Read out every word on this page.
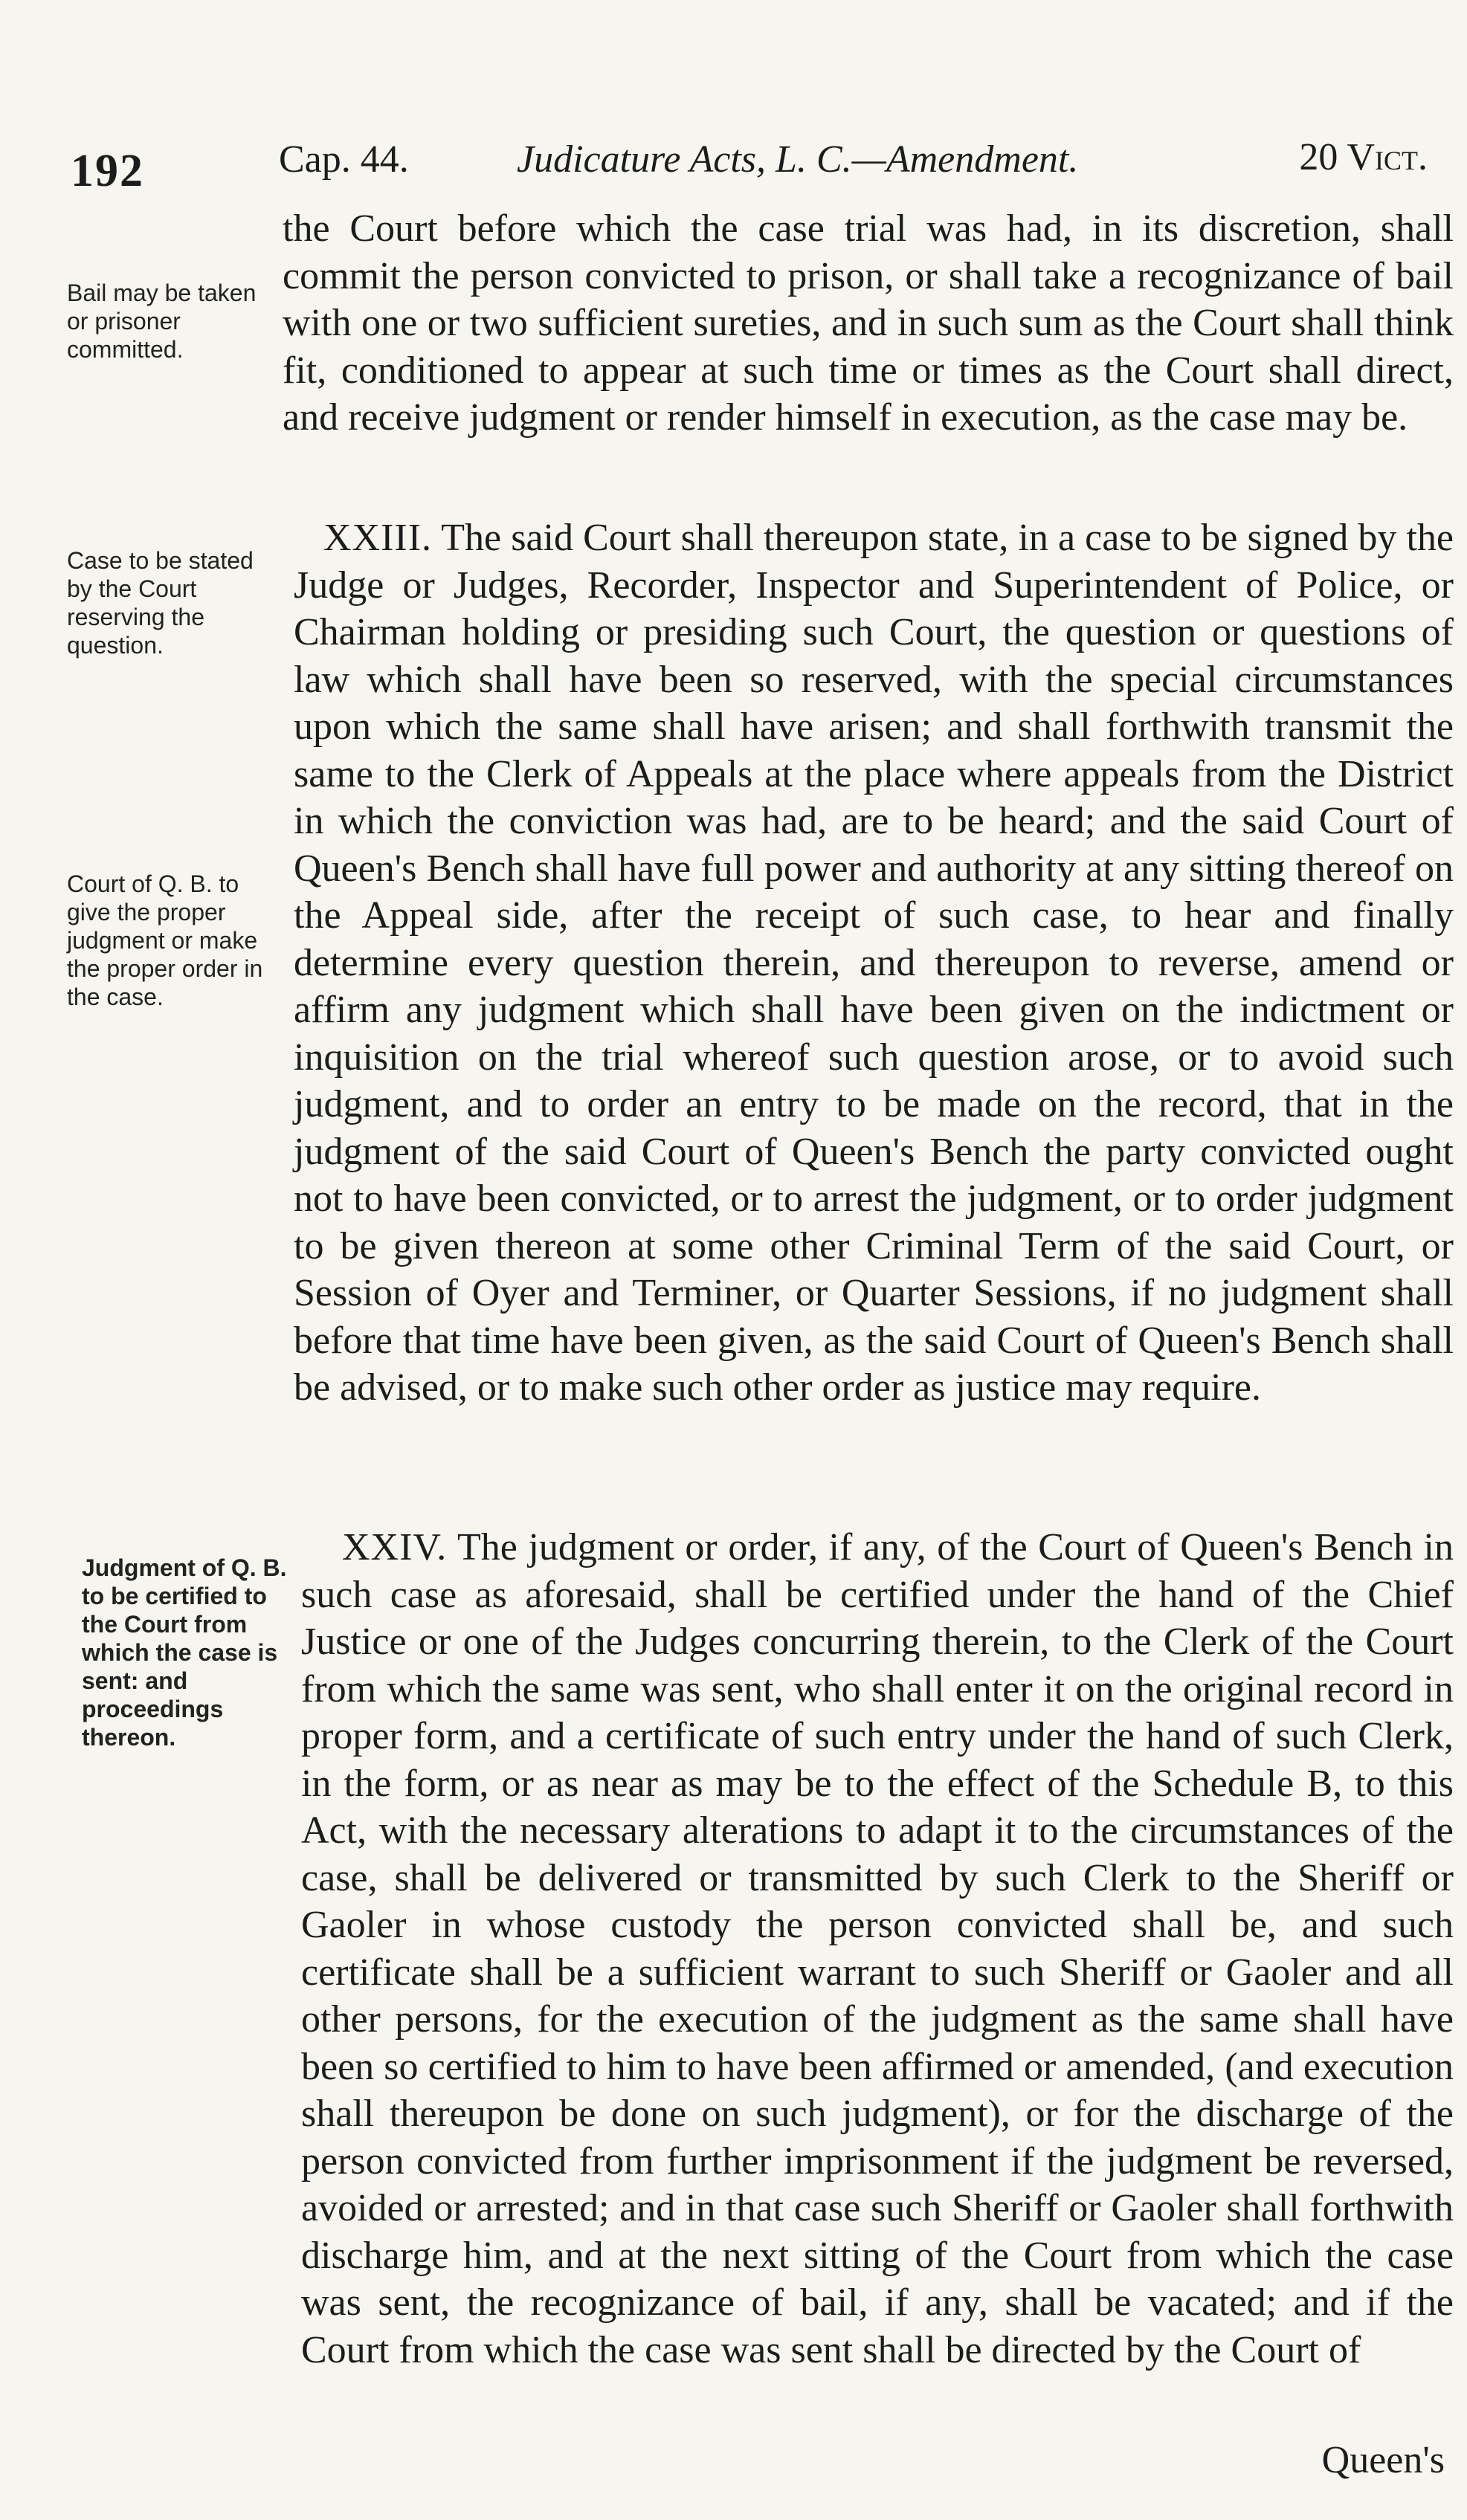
192	Cap. 44.	Judicature Acts, L. C.—Amendment.	20 Vict.
Bail may be taken or prisoner committed.
the Court before which the case trial was had, in its discretion, shall commit the person convicted to prison, or shall take a recognizance of bail with one or two sufficient sureties, and in such sum as the Court shall think fit, conditioned to appear at such time or times as the Court shall direct, and receive judgment or render himself in execution, as the case may be.
Case to be stated by the Court reserving the question.
Court of Q. B. to give the proper judgment or make the proper order in the case.
XXIII. The said Court shall thereupon state, in a case to be signed by the Judge or Judges, Recorder, Inspector and Superintendent of Police, or Chairman holding or presiding such Court, the question or questions of law which shall have been so reserved, with the special circumstances upon which the same shall have arisen; and shall forthwith transmit the same to the Clerk of Appeals at the place where appeals from the District in which the conviction was had, are to be heard; and the said Court of Queen's Bench shall have full power and authority at any sitting thereof on the Appeal side, after the receipt of such case, to hear and finally determine every question therein, and thereupon to reverse, amend or affirm any judgment which shall have been given on the indictment or inquisition on the trial whereof such question arose, or to avoid such judgment, and to order an entry to be made on the record, that in the judgment of the said Court of Queen's Bench the party convicted ought not to have been convicted, or to arrest the judgment, or to order judgment to be given thereon at some other Criminal Term of the said Court, or Session of Oyer and Terminer, or Quarter Sessions, if no judgment shall before that time have been given, as the said Court of Queen's Bench shall be advised, or to make such other order as justice may require.
Judgment of Q. B. to be certified to the Court from which the case is sent: and proceedings thereon.
XXIV. The judgment or order, if any, of the Court of Queen's Bench in such case as aforesaid, shall be certified under the hand of the Chief Justice or one of the Judges concurring therein, to the Clerk of the Court from which the same was sent, who shall enter it on the original record in proper form, and a certificate of such entry under the hand of such Clerk, in the form, or as near as may be to the effect of the Schedule B, to this Act, with the necessary alterations to adapt it to the circumstances of the case, shall be delivered or transmitted by such Clerk to the Sheriff or Gaoler in whose custody the person convicted shall be, and such certificate shall be a sufficient warrant to such Sheriff or Gaoler and all other persons, for the execution of the judgment as the same shall have been so certified to him to have been affirmed or amended, (and execution shall thereupon be done on such judgment), or for the discharge of the person convicted from further imprisonment if the judgment be reversed, avoided or arrested; and in that case such Sheriff or Gaoler shall forthwith discharge him, and at the next sitting of the Court from which the case was sent, the recognizance of bail, if any, shall be vacated; and if the Court from which the case was sent shall be directed by the Court of
Queen's
